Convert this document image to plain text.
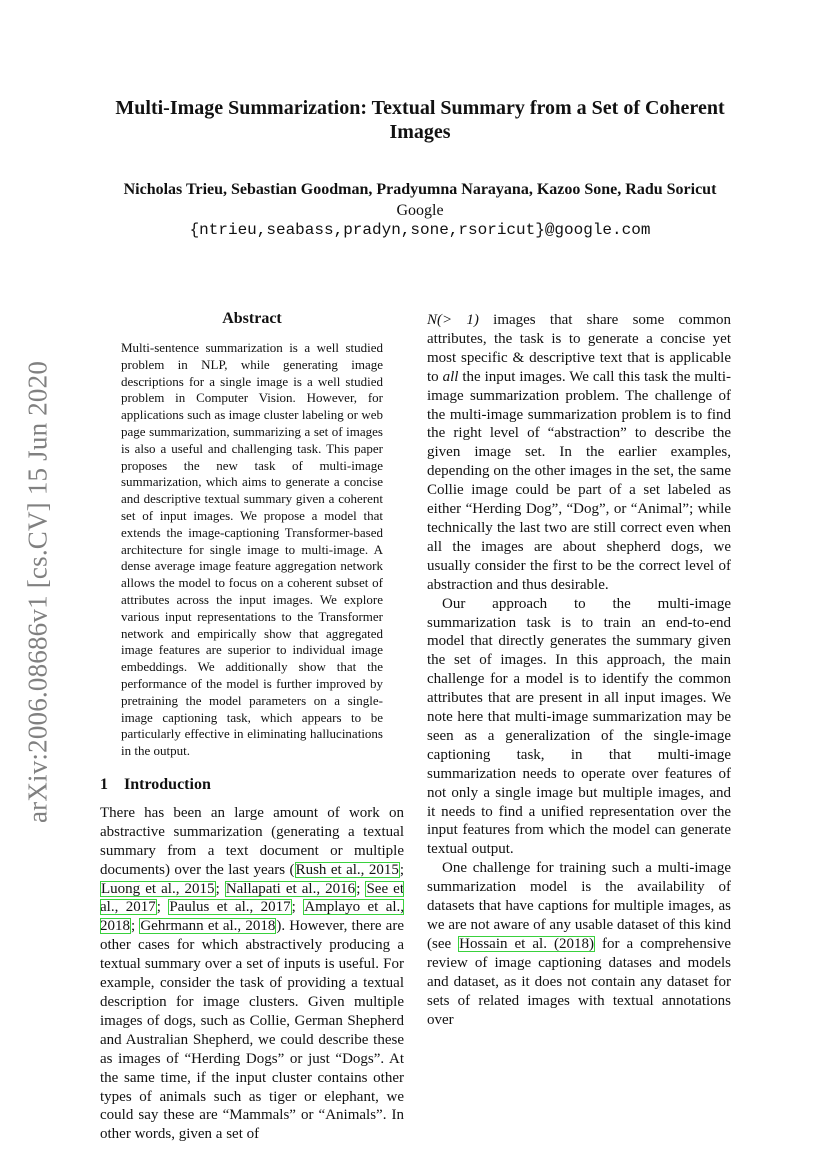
Multi-Image Summarization: Textual Summary from a Set of Coherent Images
Nicholas Trieu, Sebastian Goodman, Pradyumna Narayana, Kazoo Sone, Radu Soricut
Google
{ntrieu,seabass,pradyn,sone,rsoricut}@google.com
arXiv:2006.08686v1 [cs.CV] 15 Jun 2020
Abstract
Multi-sentence summarization is a well studied problem in NLP, while generating image descriptions for a single image is a well studied problem in Computer Vision. However, for applications such as image cluster labeling or web page summarization, summarizing a set of images is also a useful and challenging task. This paper proposes the new task of multi-image summarization, which aims to generate a concise and descriptive textual summary given a coherent set of input images. We propose a model that extends the image-captioning Transformer-based architecture for single image to multi-image. A dense average image feature aggregation network allows the model to focus on a coherent subset of attributes across the input images. We explore various input representations to the Transformer network and empirically show that aggregated image features are superior to individual image embeddings. We additionally show that the performance of the model is further improved by pretraining the model parameters on a single-image captioning task, which appears to be particularly effective in eliminating hallucinations in the output.
1 Introduction

There has been an large amount of work on abstractive summarization (generating a textual summary from a text document or multiple documents) over the last years (Rush et al., 2015; Luong et al., 2015; Nallapati et al., 2016; See et al., 2017; Paulus et al., 2017; Amplayo et al., 2018; Gehrmann et al., 2018). However, there are other cases for which abstractively producing a textual summary over a set of inputs is useful. For example, consider the task of providing a textual description for image clusters. Given multiple images of dogs, such as Collie, German Shepherd and Australian Shepherd, we could describe these as images of “Herding Dogs” or just “Dogs”. At the same time, if the input cluster contains other types of animals such as tiger or elephant, we could say these are “Mammals” or “Animals”. In other words, given a set of

N(> 1) images that share some common attributes, the task is to generate a concise yet most specific & descriptive text that is applicable to all the input images. We call this task the multi-image summarization problem. The challenge of the multi-image summarization problem is to find the right level of “abstraction” to describe the given image set. In the earlier examples, depending on the other images in the set, the same Collie image could be part of a set labeled as either “Herding Dog”, “Dog”, or “Animal”; while technically the last two are still correct even when all the images are about shepherd dogs, we usually consider the first to be the correct level of abstraction and thus desirable.

Our approach to the multi-image summarization task is to train an end-to-end model that directly generates the summary given the set of images. In this approach, the main challenge for a model is to identify the common attributes that are present in all input images. We note here that multi-image summarization may be seen as a generalization of the single-image captioning task, in that multi-image summarization needs to operate over features of not only a single image but multiple images, and it needs to find a unified representation over the input features from which the model can generate textual output.

One challenge for training such a multi-image summarization model is the availability of datasets that have captions for multiple images, as we are not aware of any usable dataset of this kind (see Hossain et al. (2018) for a comprehensive review of image captioning datases and models and dataset, as it does not contain any dataset for sets of related images with textual annotations over
